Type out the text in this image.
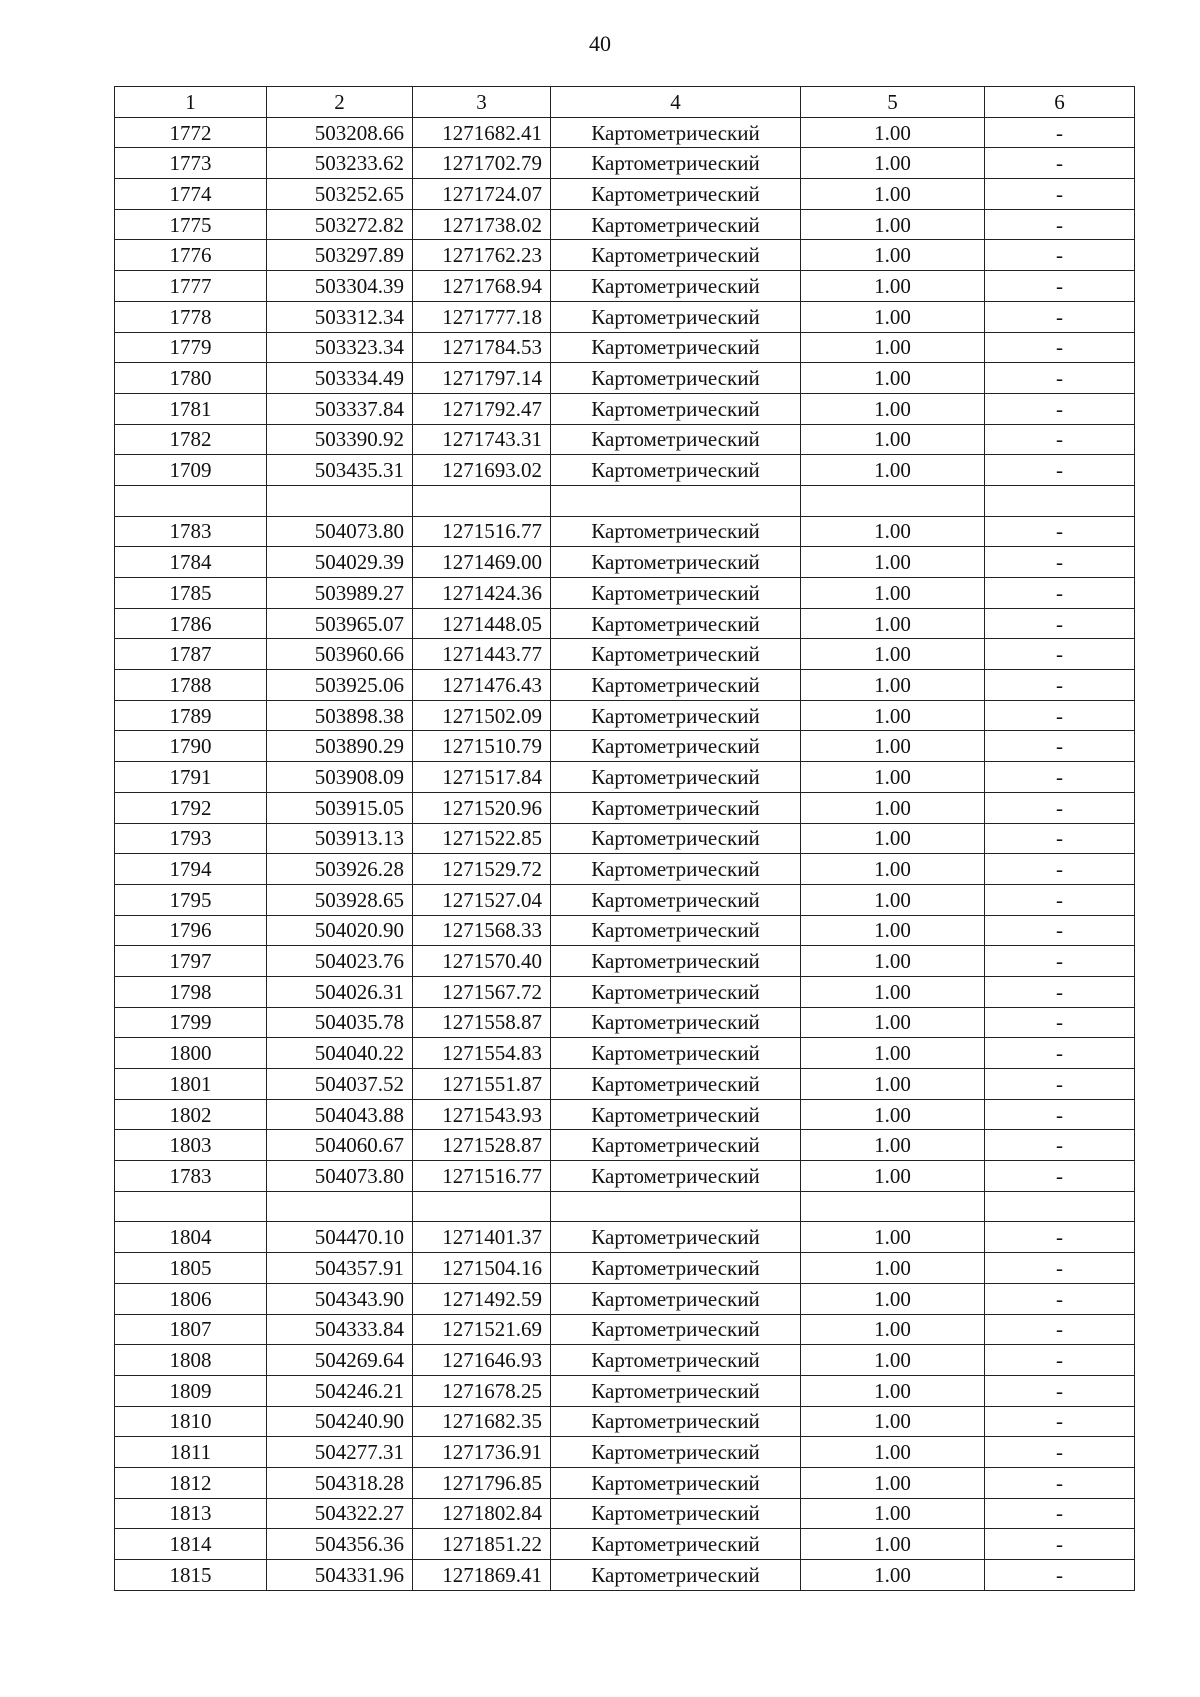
40
1	2	3	4	5	6
1772	503208.66	1271682.41	Картометрический	1.00	-
1773	503233.62	1271702.79	Картометрический	1.00	-
1774	503252.65	1271724.07	Картометрический	1.00	-
1775	503272.82	1271738.02	Картометрический	1.00	-
1776	503297.89	1271762.23	Картометрический	1.00	-
1777	503304.39	1271768.94	Картометрический	1.00	-
1778	503312.34	1271777.18	Картометрический	1.00	-
1779	503323.34	1271784.53	Картометрический	1.00	-
1780	503334.49	1271797.14	Картометрический	1.00	-
1781	503337.84	1271792.47	Картометрический	1.00	-
1782	503390.92	1271743.31	Картометрический	1.00	-
1709	503435.31	1271693.02	Картометрический	1.00	-

1783	504073.80	1271516.77	Картометрический	1.00	-
1784	504029.39	1271469.00	Картометрический	1.00	-
1785	503989.27	1271424.36	Картометрический	1.00	-
1786	503965.07	1271448.05	Картометрический	1.00	-
1787	503960.66	1271443.77	Картометрический	1.00	-
1788	503925.06	1271476.43	Картометрический	1.00	-
1789	503898.38	1271502.09	Картометрический	1.00	-
1790	503890.29	1271510.79	Картометрический	1.00	-
1791	503908.09	1271517.84	Картометрический	1.00	-
1792	503915.05	1271520.96	Картометрический	1.00	-
1793	503913.13	1271522.85	Картометрический	1.00	-
1794	503926.28	1271529.72	Картометрический	1.00	-
1795	503928.65	1271527.04	Картометрический	1.00	-
1796	504020.90	1271568.33	Картометрический	1.00	-
1797	504023.76	1271570.40	Картометрический	1.00	-
1798	504026.31	1271567.72	Картометрический	1.00	-
1799	504035.78	1271558.87	Картометрический	1.00	-
1800	504040.22	1271554.83	Картометрический	1.00	-
1801	504037.52	1271551.87	Картометрический	1.00	-
1802	504043.88	1271543.93	Картометрический	1.00	-
1803	504060.67	1271528.87	Картометрический	1.00	-
1783	504073.80	1271516.77	Картометрический	1.00	-

1804	504470.10	1271401.37	Картометрический	1.00	-
1805	504357.91	1271504.16	Картометрический	1.00	-
1806	504343.90	1271492.59	Картометрический	1.00	-
1807	504333.84	1271521.69	Картометрический	1.00	-
1808	504269.64	1271646.93	Картометрический	1.00	-
1809	504246.21	1271678.25	Картометрический	1.00	-
1810	504240.90	1271682.35	Картометрический	1.00	-
1811	504277.31	1271736.91	Картометрический	1.00	-
1812	504318.28	1271796.85	Картометрический	1.00	-
1813	504322.27	1271802.84	Картометрический	1.00	-
1814	504356.36	1271851.22	Картометрический	1.00	-
1815	504331.96	1271869.41	Картометрический	1.00	-
